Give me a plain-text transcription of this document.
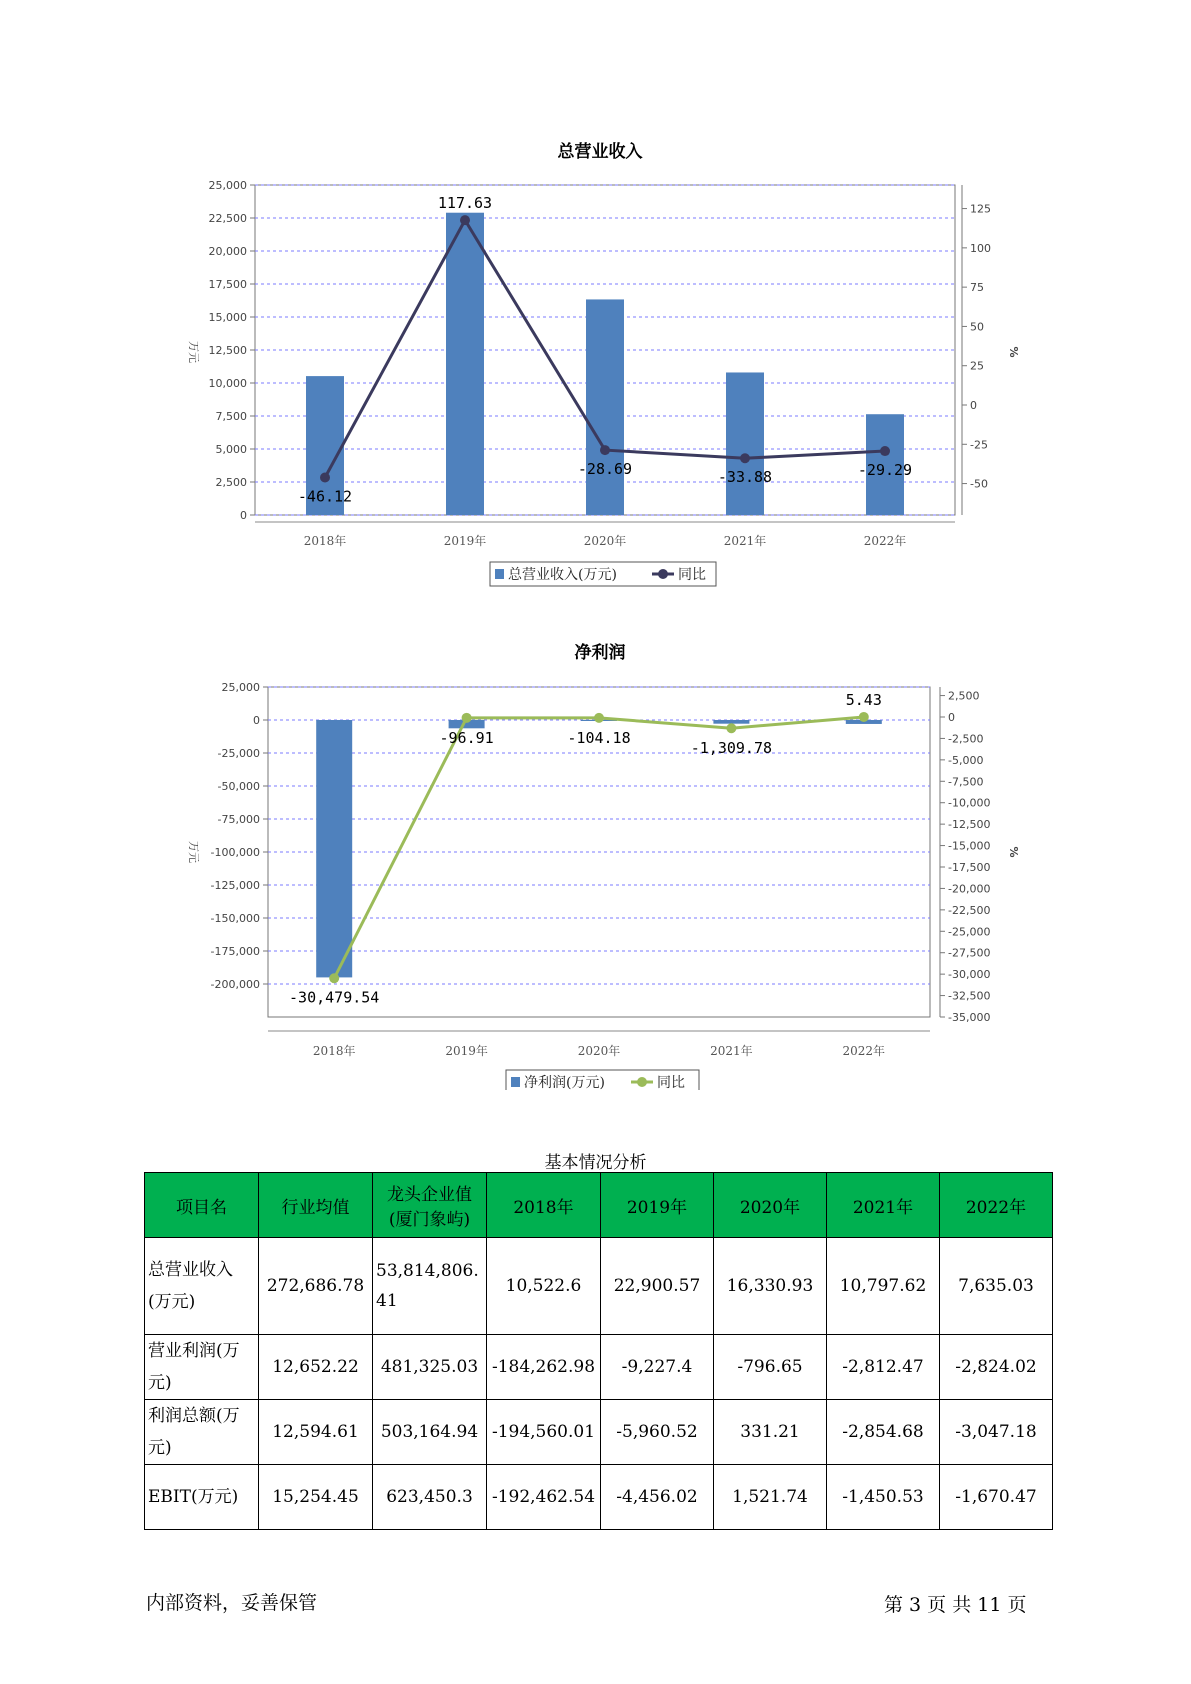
总营业收入
0
2,500
5,000
7,500
10,000
12,500
15,000
17,500
20,000
22,500
25,000
-50
-25
0
25
50
75
100
125
万元	%
2018年	2019年	2020年	2021年	2022年
-46.12
117.63
-28.69	-33.88	-29.29
总营业收入(万元)	同比
净利润
-200,000
-175,000
-150,000
-125,000
-100,000
-75,000
-50,000
-25,000
0
25,000
-35,000
-32,500
-30,000
-27,500
-25,000
-22,500
-20,000
-17,500
-15,000
-12,500
-10,000
-7,500
-5,000
-2,500
0
2,500
万元	%
2018年	2019年	2020年	2021年	2022年
-30,479.54
-96.91	-104.18
-1,309.78
5.43
净利润(万元)	同比
基本情况分析
项目名	行业均值	龙头企业值(厦门象屿)	2018年	2019年	2020年	2021年	2022年
总营业收入(万元)	272,686.78	53,814,806.41	10,522.6	22,900.57	16,330.93	10,797.62	7,635.03
营业利润(万元)	12,652.22	481,325.03	-184,262.98	-9,227.4	-796.65	-2,812.47	-2,824.02
利润总额(万元)	12,594.61	503,164.94	-194,560.01	-5,960.52	331.21	-2,854.68	-3,047.18
EBIT(万元)	15,254.45	623,450.3	-192,462.54	-4,456.02	1,521.74	-1,450.53	-1,670.47
内部资料，妥善保管	第 3 页 共 11 页
